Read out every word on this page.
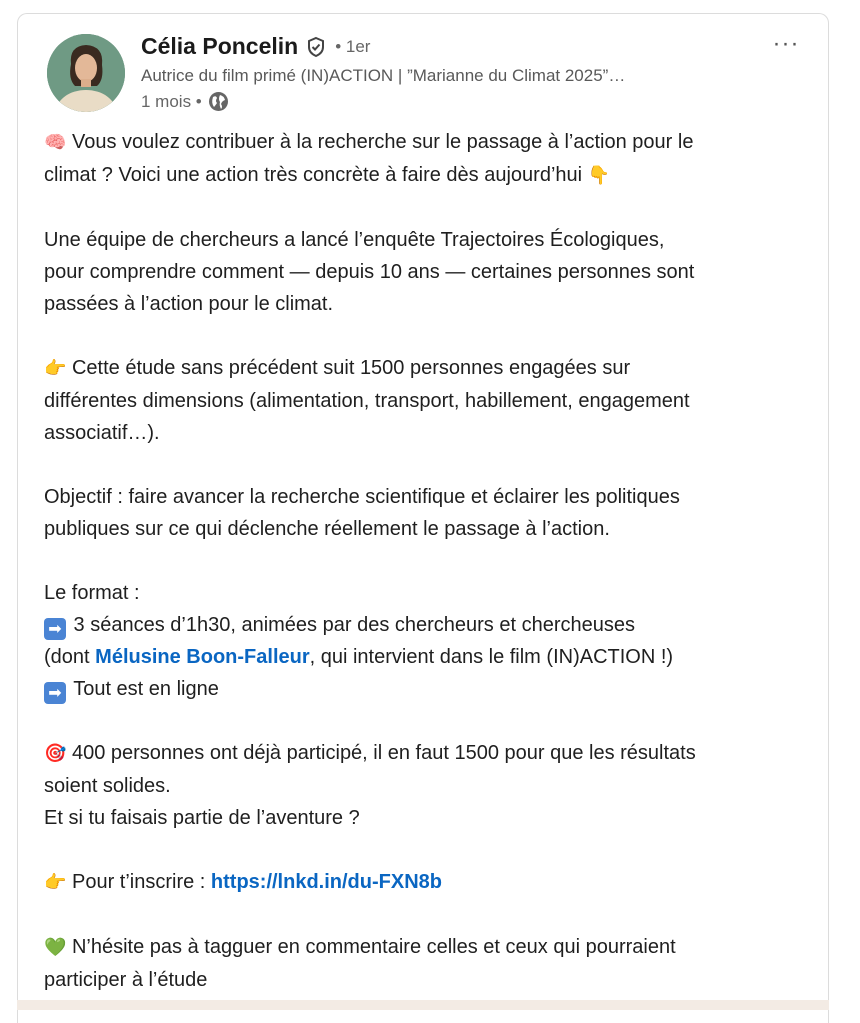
Célia Poncelin • 1er
Autrice du film primé (IN)ACTION | ”Marianne du Climat 2025”…
1 mois •
···

🧠 Vous voulez contribuer à la recherche sur le passage à l’action pour le

climat ? Voici une action très concrète à faire dès aujourd’hui 👇

Une équipe de chercheurs a lancé l’enquête Trajectoires Écologiques,

pour comprendre comment — depuis 10 ans — certaines personnes sont

passées à l’action pour le climat.

👉 Cette étude sans précédent suit 1500 personnes engagées sur

différentes dimensions (alimentation, transport, habillement, engagement

associatif…).

Objectif : faire avancer la recherche scientifique et éclairer les politiques

publiques sur ce qui déclenche réellement le passage à l’action.

Le format :

➡ 3 séances d’1h30, animées par des chercheurs et chercheuses

(dont Mélusine Boon-Falleur, qui intervient dans le film (IN)ACTION !)

➡ Tout est en ligne

🎯 400 personnes ont déjà participé, il en faut 1500 pour que les résultats

soient solides.

Et si tu faisais partie de l’aventure ?

👉 Pour t’inscrire : https://lnkd.in/du-FXN8b

💚 N’hésite pas à tagguer en commentaire celles et ceux qui pourraient

participer à l’étude
